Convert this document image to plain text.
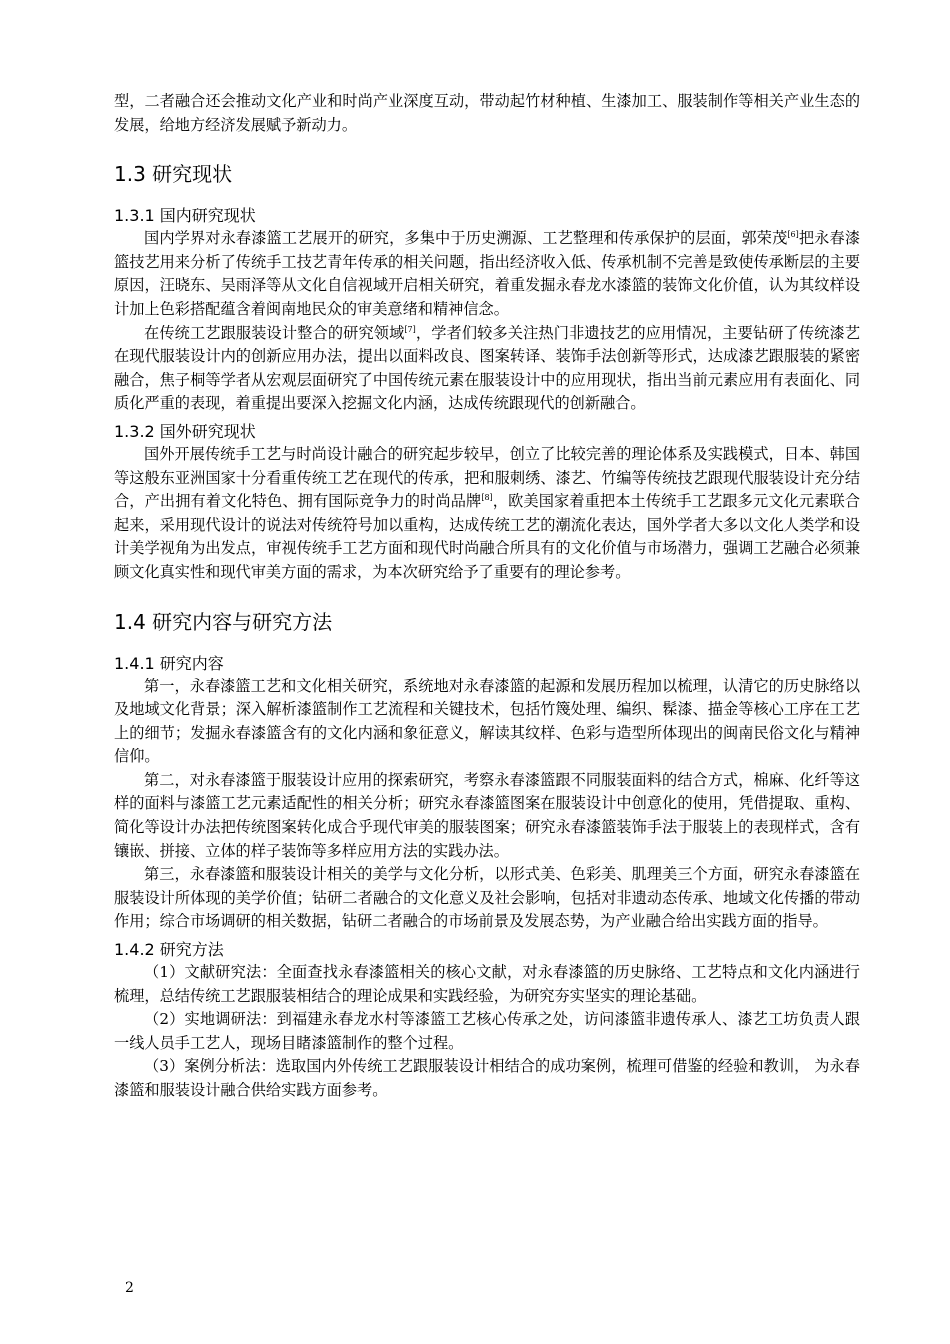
型，二者融合还会推动文化产业和时尚产业深度互动，带动起竹材种植、生漆加工、服装制作等相关产业生态的发展，给地方经济发展赋予新动力。

1.3 研究现状
1.3.1 国内研究现状

国内学界对永春漆篮工艺展开的研究，多集中于历史溯源、工艺整理和传承保护的层面，郭荣茂[6]把永春漆篮技艺用来分析了传统手工技艺青年传承的相关问题，指出经济收入低、传承机制不完善是致使传承断层的主要原因，汪晓东、吴雨泽等从文化自信视域开启相关研究，着重发掘永春龙水漆篮的装饰文化价值，认为其纹样设计加上色彩搭配蕴含着闽南地民众的审美意绪和精神信念。

在传统工艺跟服装设计整合的研究领域[7]，学者们较多关注热门非遗技艺的应用情况，主要钻研了传统漆艺在现代服装设计内的创新应用办法，提出以面料改良、图案转译、装饰手法创新等形式，达成漆艺跟服装的紧密融合，焦子桐等学者从宏观层面研究了中国传统元素在服装设计中的应用现状，指出当前元素应用有表面化、同质化严重的表现，着重提出要深入挖掘文化内涵，达成传统跟现代的创新融合。

1.3.2 国外研究现状

国外开展传统手工艺与时尚设计融合的研究起步较早，创立了比较完善的理论体系及实践模式，日本、韩国等这般东亚洲国家十分看重传统工艺在现代的传承，把和服刺绣、漆艺、竹编等传统技艺跟现代服装设计充分结合，产出拥有着文化特色、拥有国际竞争力的时尚品牌[8]，欧美国家着重把本土传统手工艺跟多元文化元素联合起来，采用现代设计的说法对传统符号加以重构，达成传统工艺的潮流化表达，国外学者大多以文化人类学和设计美学视角为出发点，审视传统手工艺方面和现代时尚融合所具有的文化价值与市场潜力，强调工艺融合必须兼顾文化真实性和现代审美方面的需求，为本次研究给予了重要有的理论参考。

1.4 研究内容与研究方法
1.4.1 研究内容

第一，永春漆篮工艺和文化相关研究，系统地对永春漆篮的起源和发展历程加以梳理，认清它的历史脉络以及地域文化背景；深入解析漆篮制作工艺流程和关键技术，包括竹篾处理、编织、髹漆、描金等核心工序在工艺上的细节；发掘永春漆篮含有的文化内涵和象征意义，解读其纹样、色彩与造型所体现出的闽南民俗文化与精神信仰。

第二，对永春漆篮于服装设计应用的探索研究，考察永春漆篮跟不同服装面料的结合方式，棉麻、化纤等这样的面料与漆篮工艺元素适配性的相关分析；研究永春漆篮图案在服装设计中创意化的使用，凭借提取、重构、简化等设计办法把传统图案转化成合乎现代审美的服装图案；研究永春漆篮装饰手法于服装上的表现样式，含有镶嵌、拼接、立体的样子装饰等多样应用方法的实践办法。

第三，永春漆篮和服装设计相关的美学与文化分析，以形式美、色彩美、肌理美三个方面，研究永春漆篮在服装设计所体现的美学价值；钻研二者融合的文化意义及社会影响，包括对非遗动态传承、地域文化传播的带动作用；综合市场调研的相关数据，钻研二者融合的市场前景及发展态势，为产业融合给出实践方面的指导。

1.4.2 研究方法

（1）文献研究法：全面查找永春漆篮相关的核心文献，对永春漆篮的历史脉络、工艺特点和文化内涵进行梳理，总结传统工艺跟服装相结合的理论成果和实践经验，为研究夯实坚实的理论基础。

（2）实地调研法：到福建永春龙水村等漆篮工艺核心传承之处，访问漆篮非遗传承人、漆艺工坊负责人跟一线人员手工艺人，现场目睹漆篮制作的整个过程。

（3）案例分析法：选取国内外传统工艺跟服装设计相结合的成功案例，梳理可借鉴的经验和教训， 为永春漆篮和服装设计融合供给实践方面参考。

2
